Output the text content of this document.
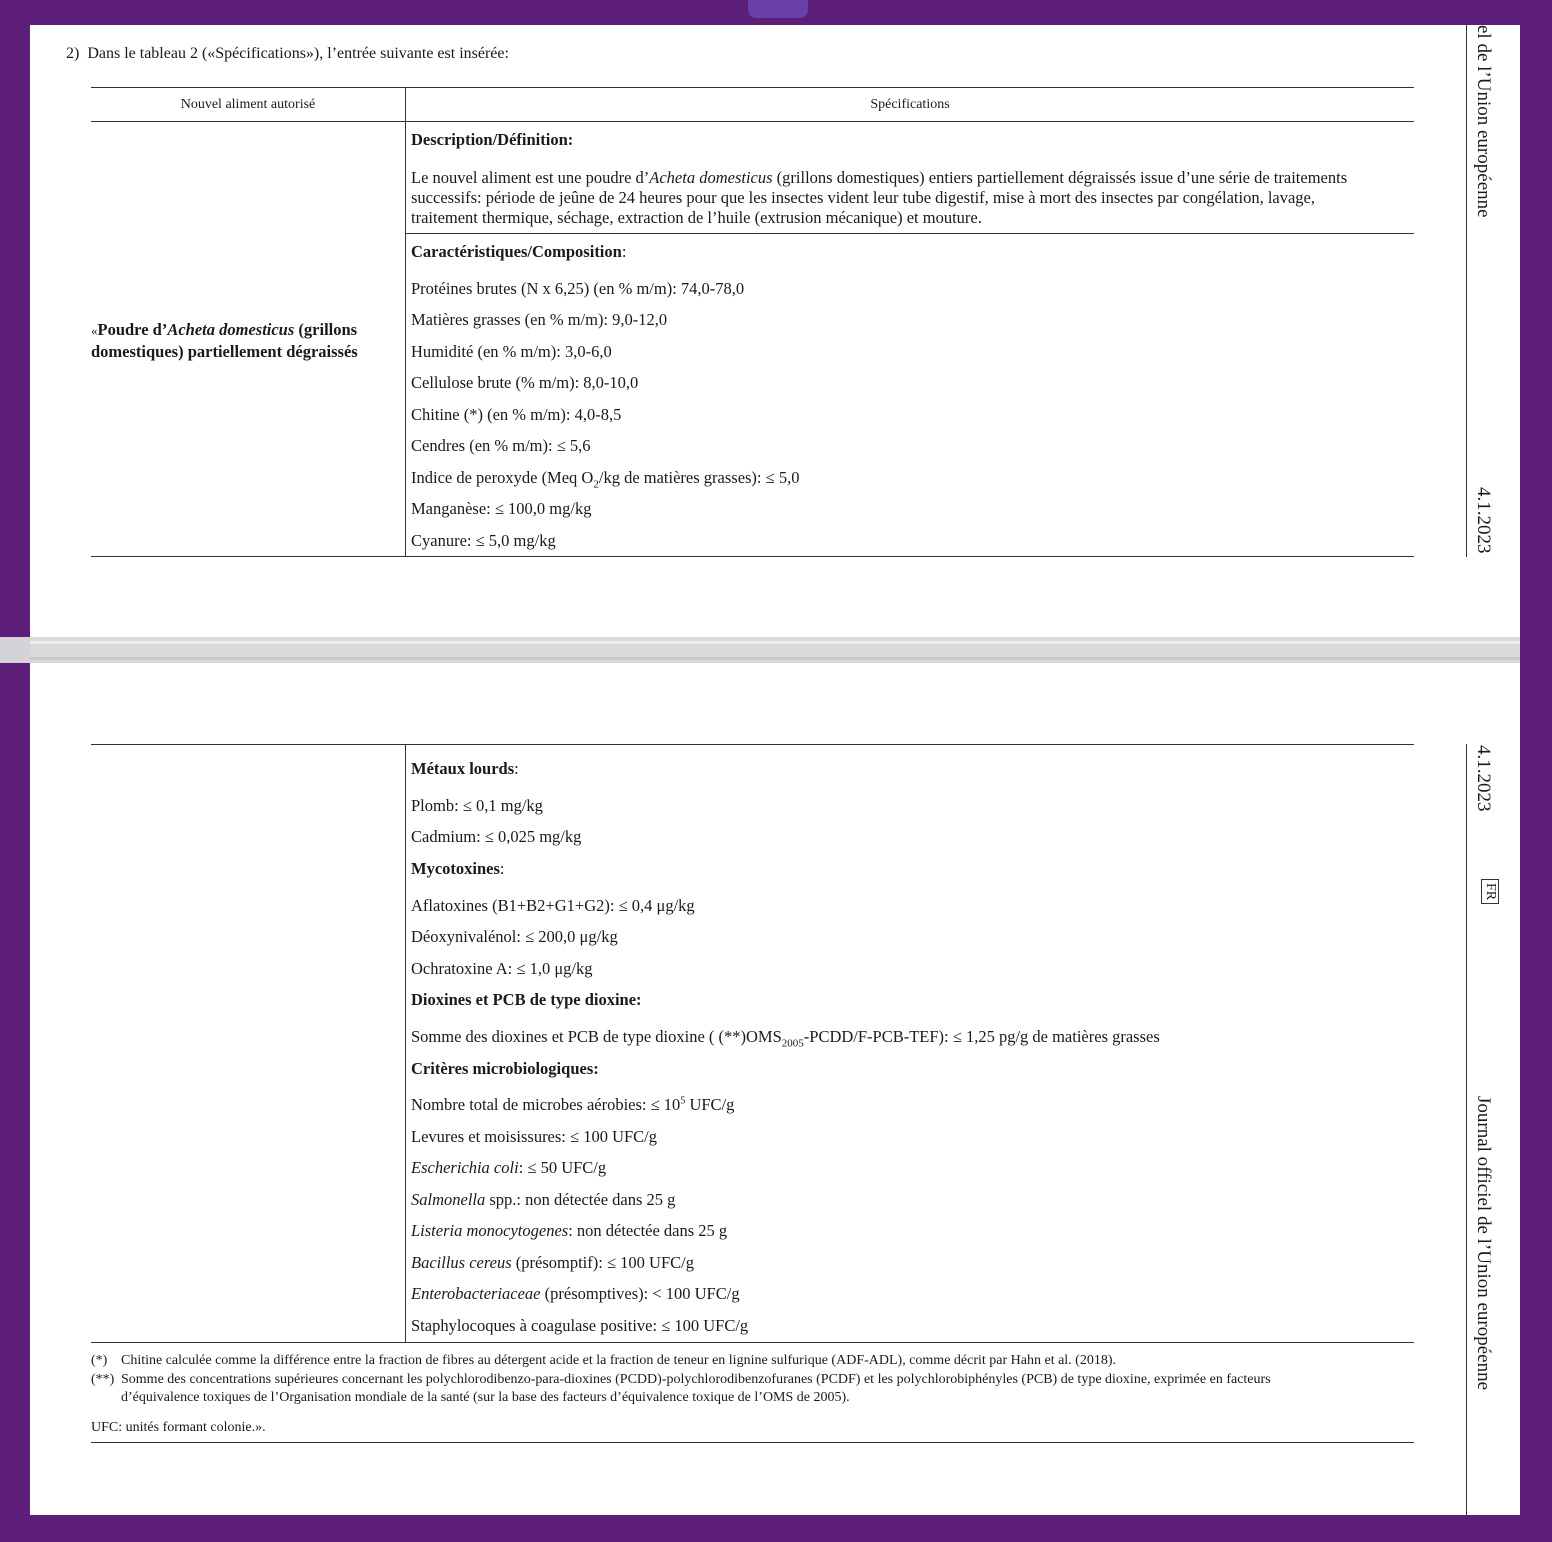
2)  Dans le tableau 2 («Spécifications»), l’entrée suivante est insérée:
Nouvel aliment autorisé	Spécifications
«Poudre d’Acheta domesticus (grillons
domestiques) partiellement dégraissés
Description/Définition:
Le nouvel aliment est une poudre d’Acheta domesticus (grillons domestiques) entiers partiellement dégraissés issue d’une série de traitements
successifs: période de jeûne de 24 heures pour que les insectes vident leur tube digestif, mise à mort des insectes par congélation, lavage,
traitement thermique, séchage, extraction de l’huile (extrusion mécanique) et mouture.
Caractéristiques/Composition:
Protéines brutes (N x 6,25) (en % m/m): 74,0-78,0
Matières grasses (en % m/m): 9,0-12,0
Humidité (en % m/m): 3,0-6,0
Cellulose brute (% m/m): 8,0-10,0
Chitine (*) (en % m/m): 4,0-8,5
Cendres (en % m/m): ≤ 5,6
Indice de peroxyde (Meq $O_2/kg$ de matières grasses): ≤ 5,0
Manganèse: ≤ 100,0 mg/kg
Cyanure: ≤ 5,0 mg/kg
el de l’Union européenne
4.1.2023
Métaux lourds:
Plomb: ≤ 0,1 mg/kg
Cadmium: ≤ 0,025 mg/kg
Mycotoxines:
Aflatoxines (B1+B2+G1+G2): ≤ 0,4 μg/kg
Déoxynivalénol: ≤ 200,0 μg/kg
Ochratoxine A: ≤ 1,0 μg/kg
Dioxines et PCB de type dioxine:
Somme des dioxines et PCB de type dioxine ( $(**)OMS_{2005}-PCDD/F-PCB-TEF$): ≤ 1,25 pg/g de matières grasses
Critères microbiologiques:
Nombre total de microbes aérobies: ≤ $10^5$ UFC/g
Levures et moisissures: ≤ 100 UFC/g
Escherichia coli: ≤ 50 UFC/g
Salmonella spp.: non détectée dans 25 g
Listeria monocytogenes: non détectée dans 25 g
Bacillus cereus (présomptif): ≤ 100 UFC/g
Enterobacteriaceae (présomptives): < 100 UFC/g
Staphylocoques à coagulase positive: ≤ 100 UFC/g
(*) Chitine calculée comme la différence entre la fraction de fibres au détergent acide et la fraction de teneur en lignine sulfurique (ADF-ADL), comme décrit par Hahn et al. (2018).
(**) Somme des concentrations supérieures concernant les polychlorodibenzo-para-dioxines (PCDD)-polychlorodibenzofuranes (PCDF) et les polychlorobiphényles (PCB) de type dioxine, exprimée en facteurs
d’équivalence toxiques de l’Organisation mondiale de la santé (sur la base des facteurs d’équivalence toxique de l’OMS de 2005).
UFC: unités formant colonie.».
4.1.2023
FR
Journal officiel de l’Union européenne
